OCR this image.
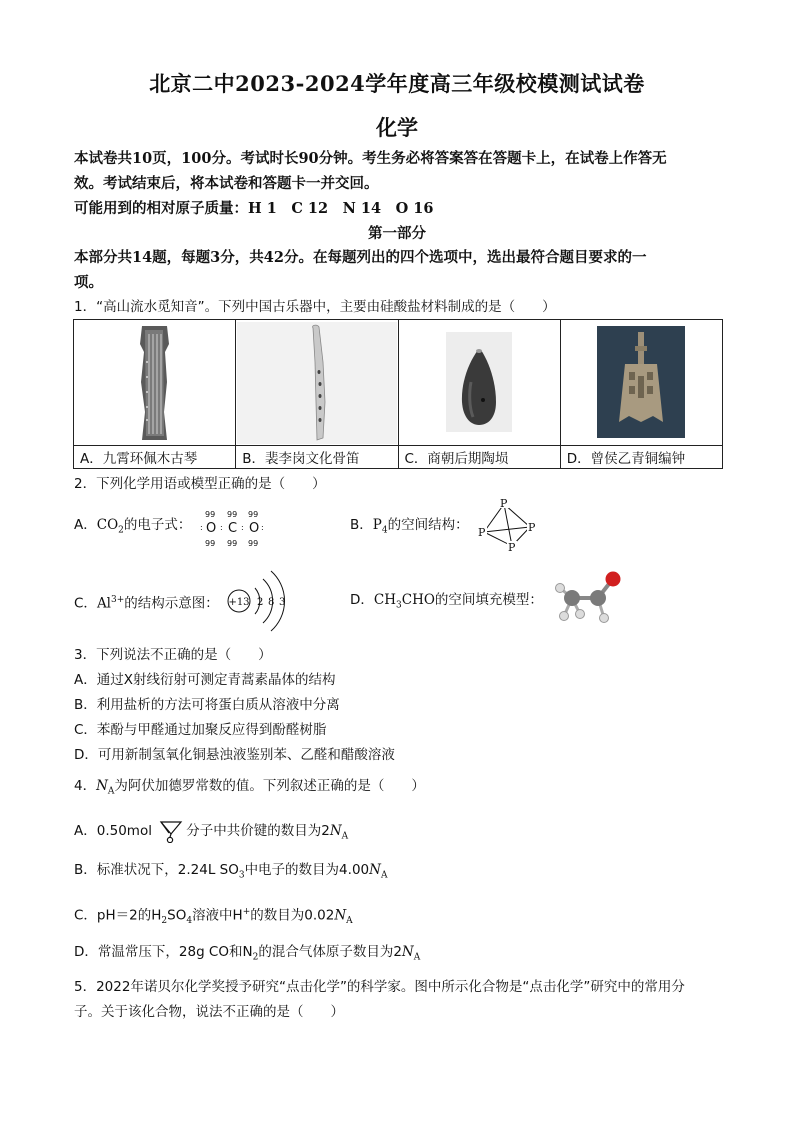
北京二中2023-2024学年度高三年级校模测试试卷
化学
本试卷共10页，100分。考试时长90分钟。考生务必将答案答在答题卡上，在试卷上作答无
效。考试结束后，将本试卷和答题卡一并交回。
可能用到的相对原子质量：H 1　C 12　N 14　O 16
第一部分
本部分共14题，每题3分，共42分。在每题列出的四个选项中，选出最符合题目要求的一
项。
1．“高山流水觅知音”。下列中国古乐器中，主要由硅酸盐材料制成的是（　　）

A．九霄环佩木古琴	B．裴李岗文化骨笛	C．商朝后期陶埙	D．曾侯乙青铜编钟
2．下列化学用语或模型正确的是（　　）
A．$CO_2$的电子式： O C O
99 99 99
99 99 99
: : : :	B．$P_4$的空间结构：
P
P	P
P
C．$Al^{3+}$的结构示意图： +13 2 8 3	D．$CH_3CHO$的空间填充模型：
3．下列说法不正确的是（　　）
A．通过X射线衍射可测定青蒿素晶体的结构
B．利用盐析的方法可将蛋白质从溶液中分离
C．苯酚与甲醛通过加聚反应得到酚醛树脂
D．可用新制氢氧化铜悬浊液鉴别苯、乙醛和醋酸溶液
4．$N_A$为阿伏加德罗常数的值。下列叙述正确的是（　　）
A．0.50mol	分子中共价键的数目为$2N_A$
B．标准状况下，2.24L $SO_3$中电子的数目为$4.00N_A$
C．pH＝2的$H_2SO_4$溶液中H+的数目为$0.02N_A$
D．常温常压下，28g CO和$N_2$的混合气体原子数目为$2N_A$
5．2022年诺贝尔化学奖授予研究“点击化学”的科学家。图中所示化合物是“点击化学”研究中的常用分
子。关于该化合物，说法不正确的是（　　）
